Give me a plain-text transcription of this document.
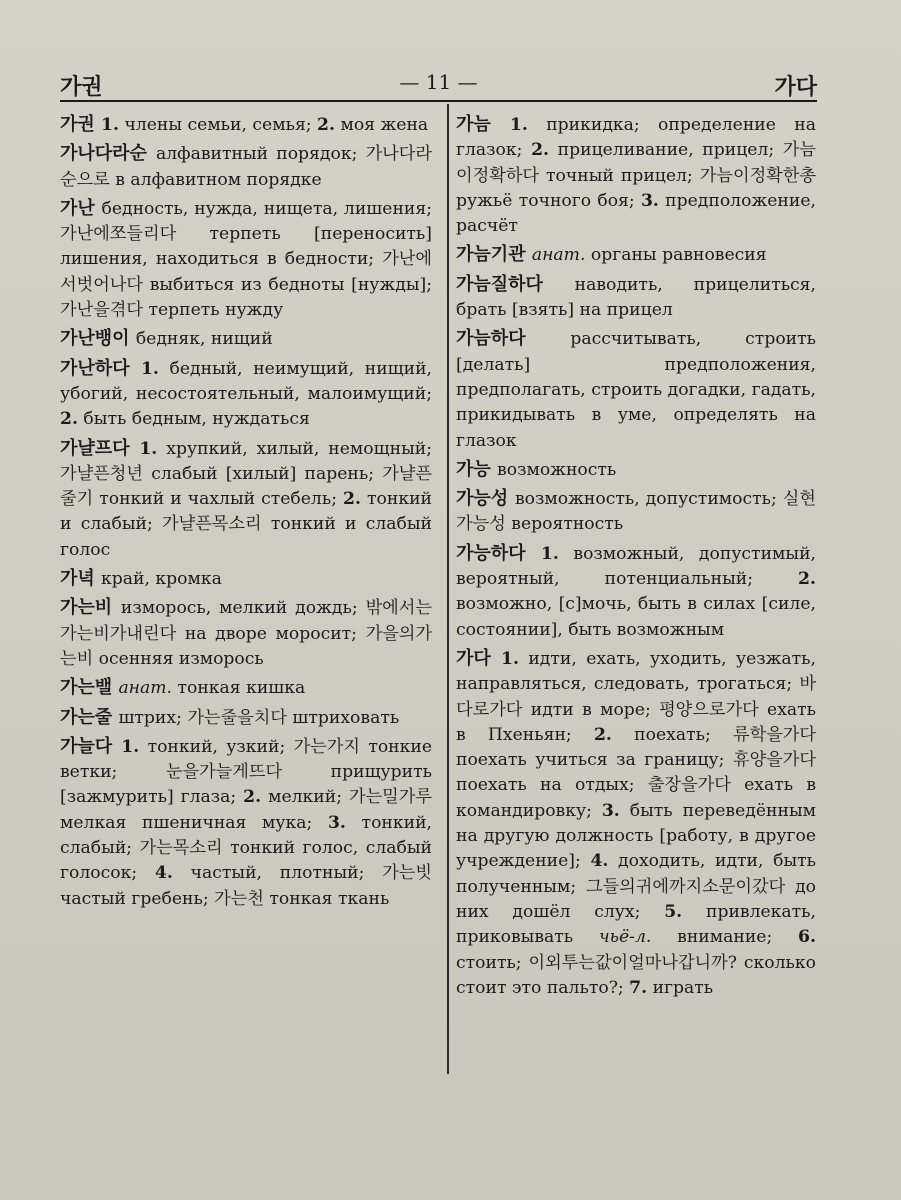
가권	— 11 —	가다

가권 1. члены семьи, семья; 2. моя жена

가나다라순 алфавитный порядок; 가나다라순으로 в алфавитном порядке

가난 бедность, нужда, нищета, лишения; 가난에쪼들리다 терпеть [переносить] лишения, находиться в бедности; 가난에서벗어나다 выбиться из бедноты [нужды]; 가난을겪다 терпеть нужду

가난뱅이 бедняк, нищий

가난하다 1. бедный, неимущий, нищий, убогий, несостоятельный, малоимущий; 2. быть бедным, нуждаться

가냘프다 1. хрупкий, хилый, немощный; 가냘픈청년 слабый [хилый] парень; 가냘픈줄기 тонкий и чахлый стебель; 2. тонкий и слабый; 가냘픈목소리 тонкий и слабый голос

가녁 край, кромка

가는비 изморось, мелкий дождь; 밖에서는가는비가내린다 на дворе моросит; 가을의가는비 осенняя изморось

가는밸 анат. тонкая кишка

가는줄 штрих; 가는줄을치다 штриховать

가늘다 1. тонкий, узкий; 가는가지 тонкие ветки; 눈을가늘게뜨다 прищурить [зажмурить] глаза; 2. мелкий; 가는밀가루 мелкая пшеничная мука; 3. тонкий, слабый; 가는목소리 тонкий голос, слабый голосок; 4. частый, плотный; 가는빗 частый гребень; 가는천 тонкая ткань

가늠 1. прикидка; определение на глазок; 2. прицеливание, прицел; 가늠이정확하다 точный прицел; 가늠이정확한총 ружьё точного боя; 3. предположение, расчёт

가늠기관 анат. органы равновесия

가늠질하다 наводить, прицелиться, брать [взять] на прицел

가늠하다 рассчитывать, строить [делать] предположения, предполагать, строить догадки, гадать, прикидывать в уме, определять на глазок

가능 возможность

가능성 возможность, допустимость; 실현가능성 вероятность

가능하다 1. возможный, допустимый, вероятный, потенциальный; 2. возможно, [с]мочь, быть в силах [силе, состоянии], быть возможным

가다 1. идти, ехать, уходить, уезжать, направляться, следовать, трогаться; 바다로가다 идти в море; 평양으로가다 ехать в Пхеньян; 2. поехать; 류학을가다 поехать учиться за границу; 휴양을가다 поехать на отдых; 출장을가다 ехать в командировку; 3. быть переведённым на другую должность [работу, в другое учреждение]; 4. доходить, идти, быть полученным; 그들의귀에까지소문이갔다 до них дошёл слух; 5. привлекать, приковывать чьё-л. внимание; 6. стоить; 이외투는값이얼마나갑니까? сколько стоит это пальто?; 7. играть
